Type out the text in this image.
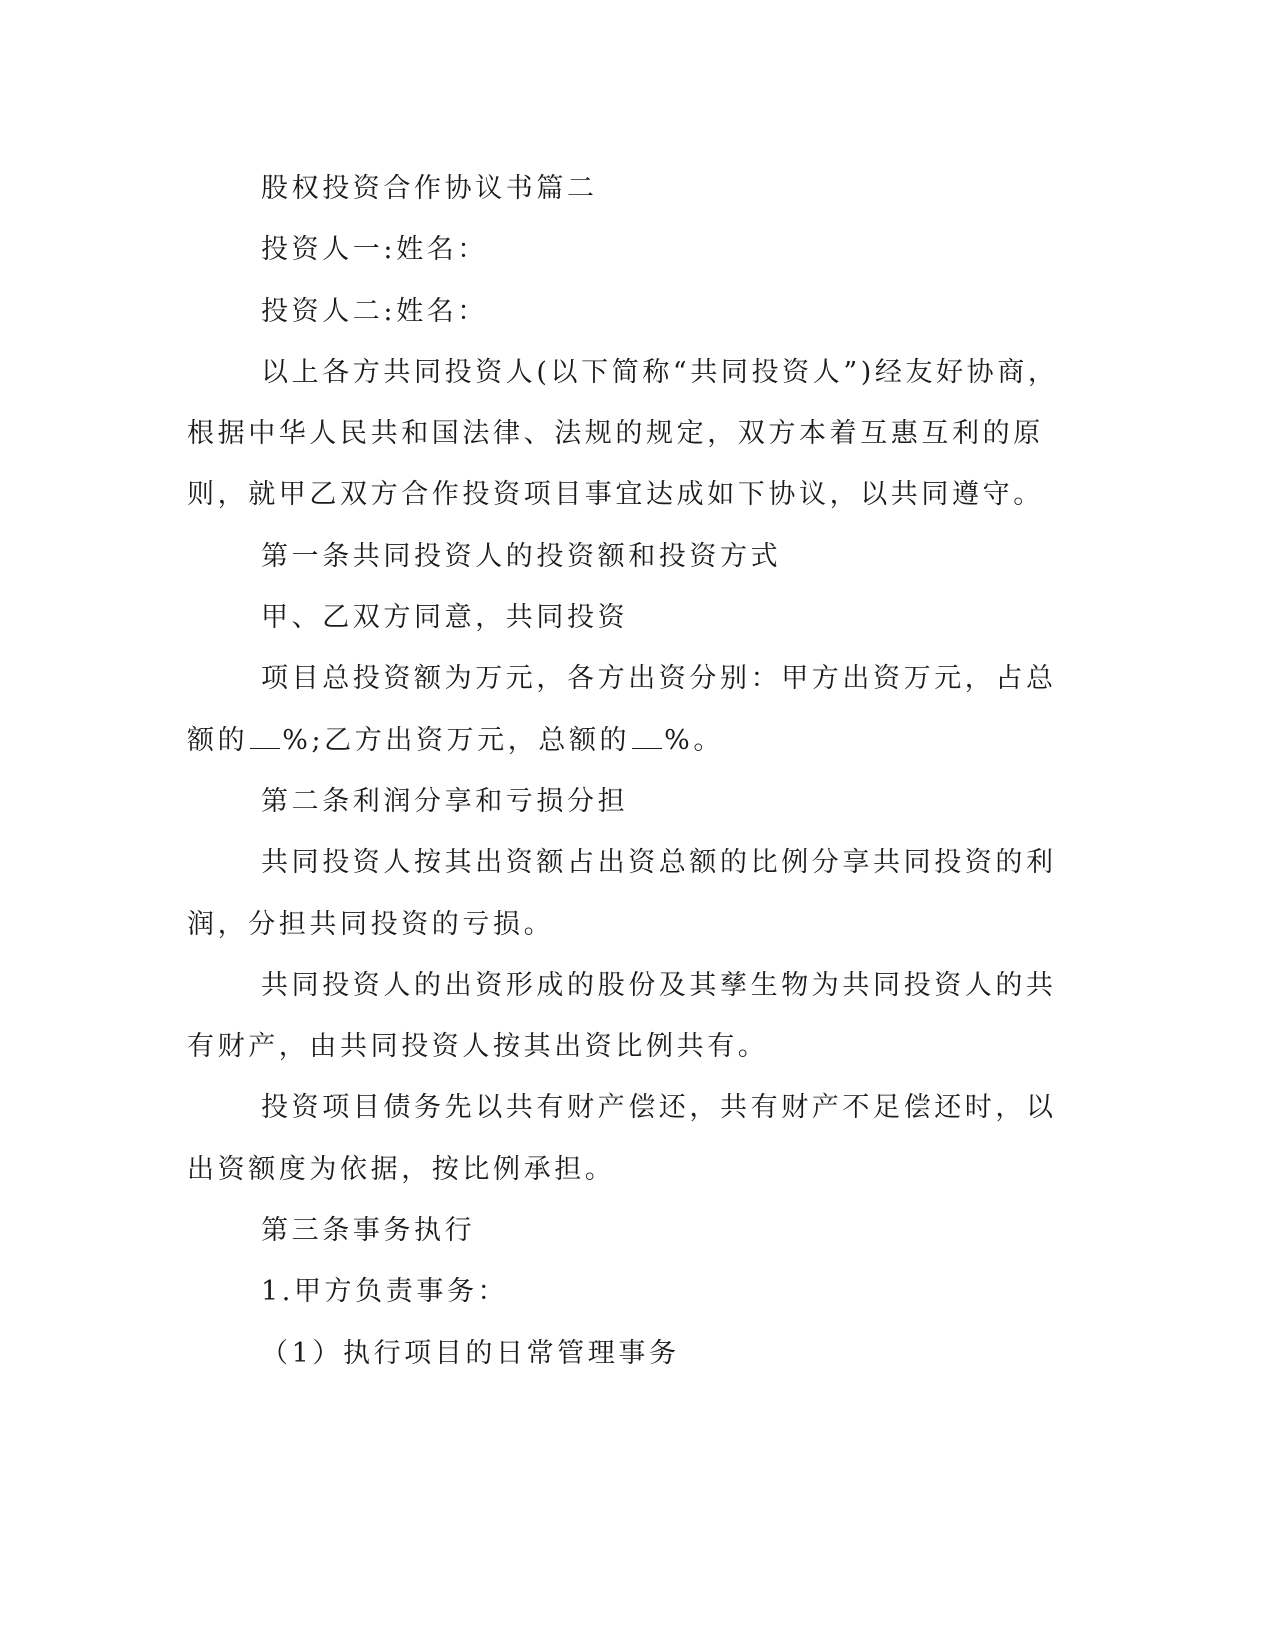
股权投资合作协议书篇二

投资人一:姓名：

投资人二:姓名：

以上各方共同投资人(以下简称“共同投资人”)经友好协商，根据中华人民共和国法律、法规的规定，双方本着互惠互利的原则，就甲乙双方合作投资项目事宜达成如下协议，以共同遵守。

第一条共同投资人的投资额和投资方式

甲、乙双方同意，共同投资

项目总投资额为万元，各方出资分别：甲方出资万元，占总额的 %;乙方出资万元，总额的 %。

第二条利润分享和亏损分担

共同投资人按其出资额占出资总额的比例分享共同投资的利润，分担共同投资的亏损。

共同投资人的出资形成的股份及其孳生物为共同投资人的共有财产，由共同投资人按其出资比例共有。

投资项目债务先以共有财产偿还，共有财产不足偿还时，以出资额度为依据，按比例承担。

第三条事务执行

1.甲方负责事务：

（1）执行项目的日常管理事务
